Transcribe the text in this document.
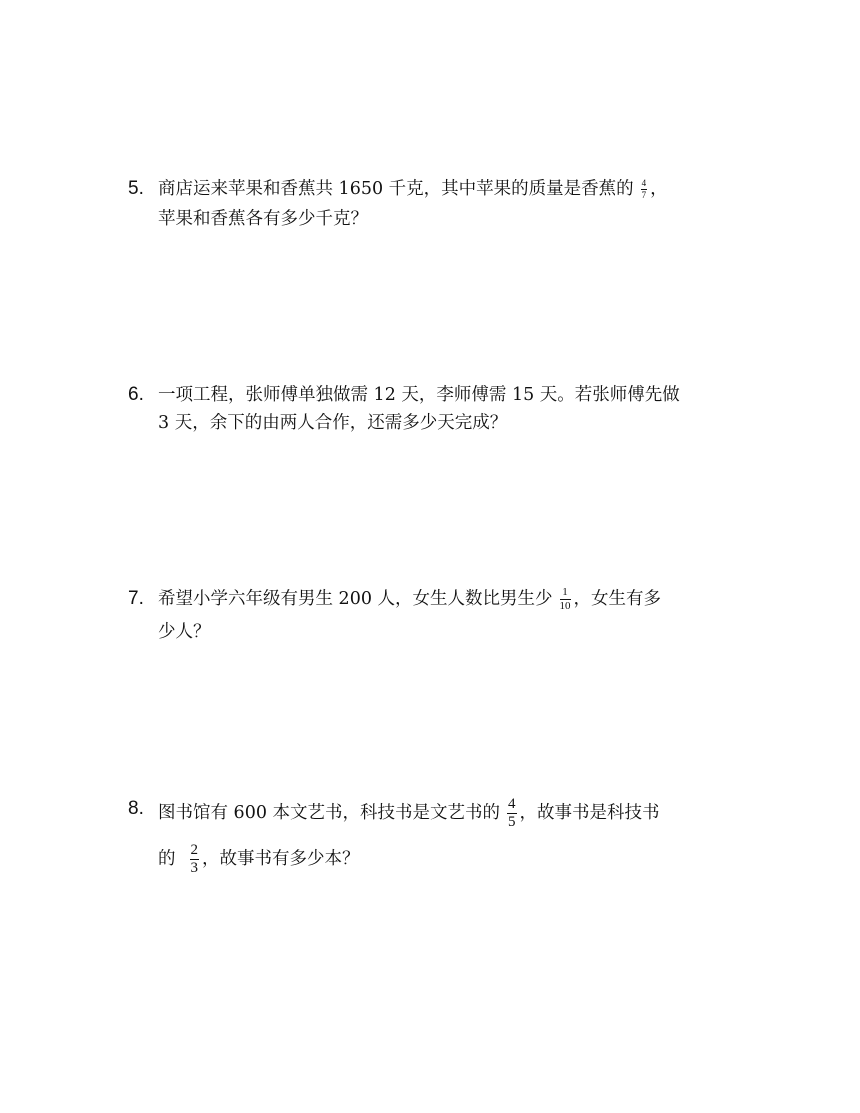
5. 商店运来苹果和香蕉共 1650 千克，其中苹果的质量是香蕉的 $\frac{4}{7}$ ，
苹果和香蕉各有多少千克？
6. 一项工程，张师傅单独做需 12 天，李师傅需 15 天。若张师傅先做
3 天，余下的由两人合作，还需多少天完成？
7. 希望小学六年级有男生 200 人，女生人数比男生少 $\frac{1}{10}$ ，女生有多
少人？
8. 图书馆有 600 本文艺书，科技书是文艺书的 $\frac{4}{5}$ ，故事书是科技书
的 $\frac{2}{3}$ ，故事书有多少本？
